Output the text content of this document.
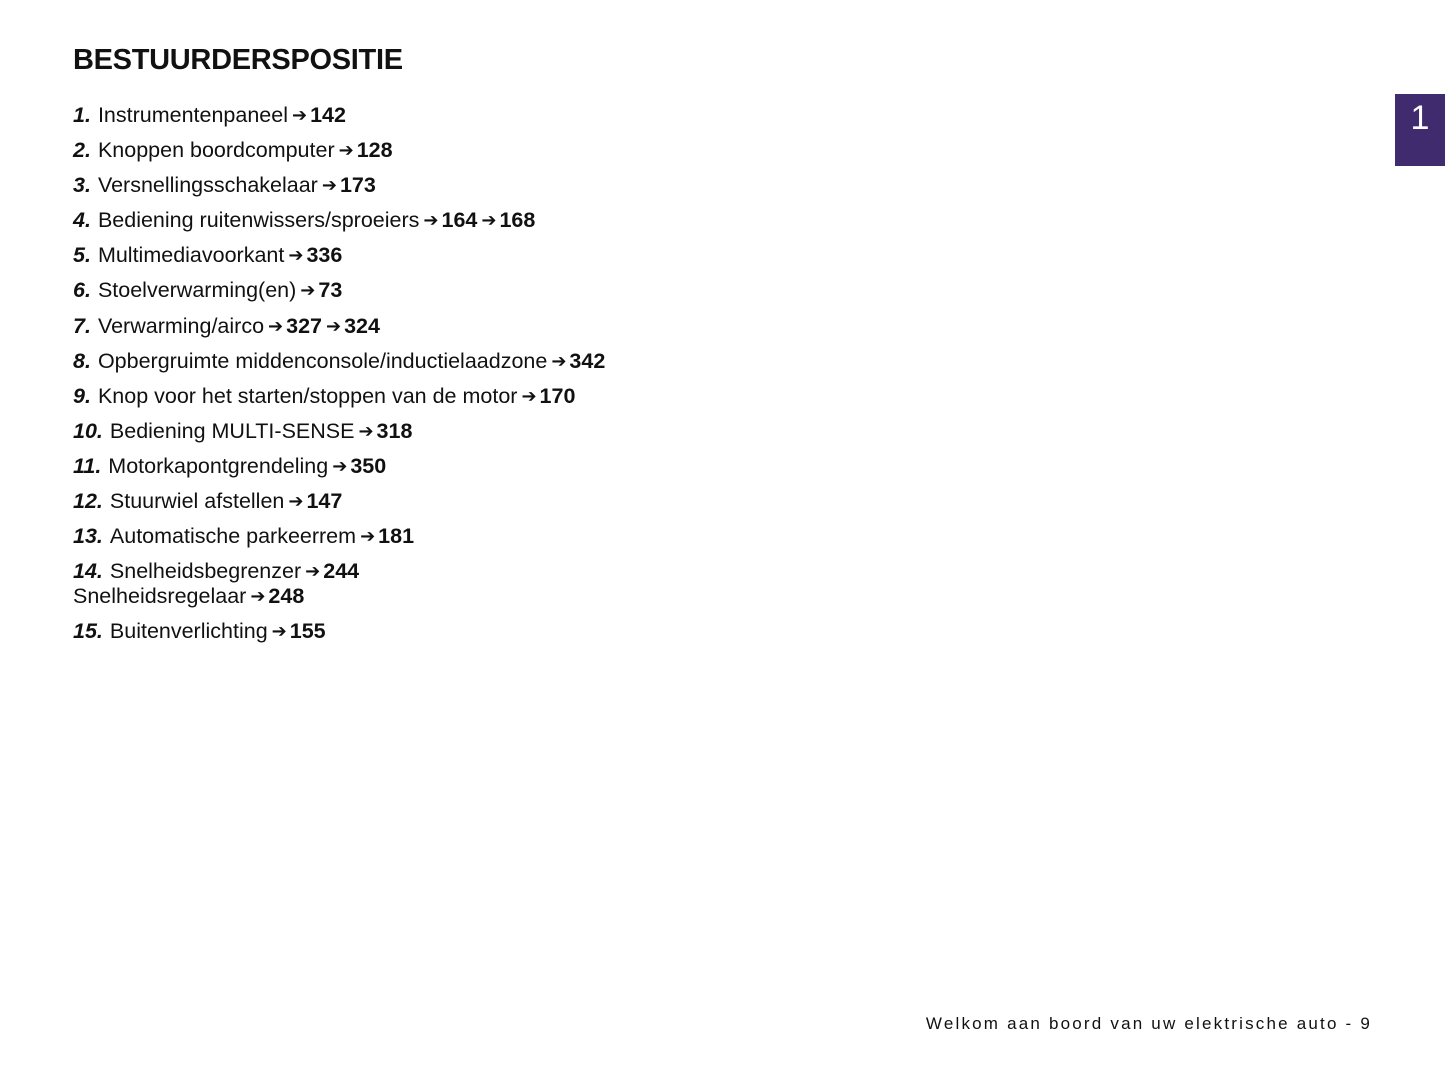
BESTUURDERSPOSITIE
1
1. Instrumentenpaneel ➔ 142
2. Knoppen boordcomputer ➔ 128
3. Versnellingsschakelaar ➔ 173
4. Bediening ruitenwissers/sproeiers ➔ 164 ➔ 168
5. Multimediavoorkant ➔ 336
6. Stoelverwarming(en) ➔ 73
7. Verwarming/airco ➔ 327 ➔ 324
8. Opbergruimte middenconsole/inductielaadzone ➔ 342
9. Knop voor het starten/stoppen van de motor ➔ 170
10. Bediening MULTI-SENSE ➔ 318
11. Motorkapontgrendeling ➔ 350
12. Stuurwiel afstellen ➔ 147
13. Automatische parkeerrem ➔ 181
14. Snelheidsbegrenzer ➔ 244
Snelheidsregelaar ➔ 248
15. Buitenverlichting ➔ 155
Welkom aan boord van uw elektrische auto - 9
